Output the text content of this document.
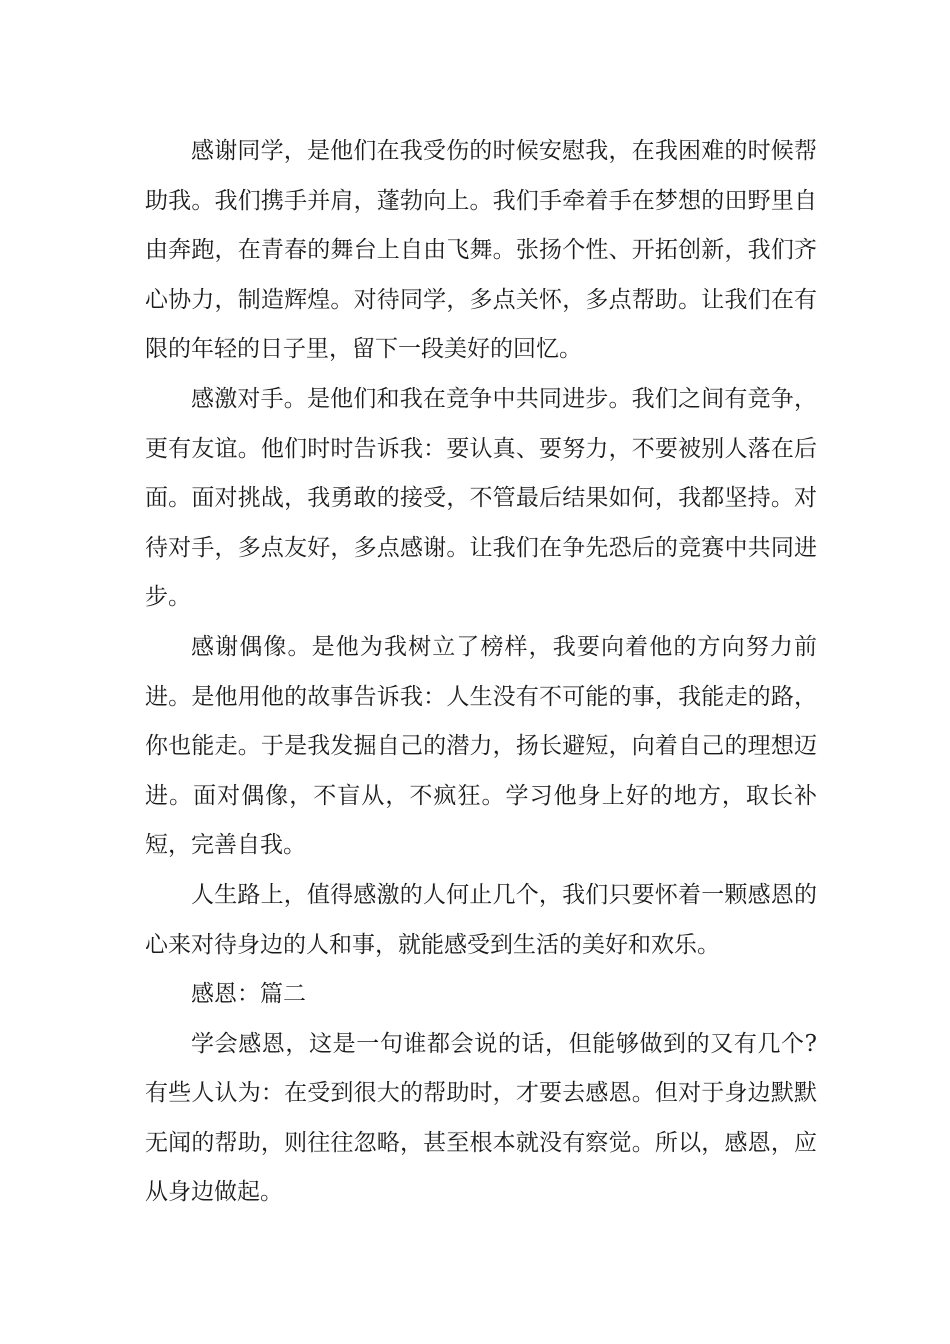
感谢同学，是他们在我受伤的时候安慰我，在我困难的时候帮助我。我们携手并肩，蓬勃向上。我们手牵着手在梦想的田野里自由奔跑，在青春的舞台上自由飞舞。张扬个性、开拓创新，我们齐心协力，制造辉煌。对待同学，多点关怀，多点帮助。让我们在有限的年轻的日子里，留下一段美好的回忆。

感激对手。是他们和我在竞争中共同进步。我们之间有竞争，更有友谊。他们时时告诉我：要认真、要努力，不要被别人落在后面。面对挑战，我勇敢的接受，不管最后结果如何，我都坚持。对待对手，多点友好，多点感谢。让我们在争先恐后的竞赛中共同进步。

感谢偶像。是他为我树立了榜样，我要向着他的方向努力前进。是他用他的故事告诉我：人生没有不可能的事，我能走的路，你也能走。于是我发掘自己的潜力，扬长避短，向着自己的理想迈进。面对偶像，不盲从，不疯狂。学习他身上好的地方，取长补短，完善自我。

人生路上，值得感激的人何止几个，我们只要怀着一颗感恩的心来对待身边的人和事，就能感受到生活的美好和欢乐。

感恩：篇二

学会感恩，这是一句谁都会说的话，但能够做到的又有几个?有些人认为：在受到很大的帮助时，才要去感恩。但对于身边默默无闻的帮助，则往往忽略，甚至根本就没有察觉。所以，感恩，应从身边做起。
